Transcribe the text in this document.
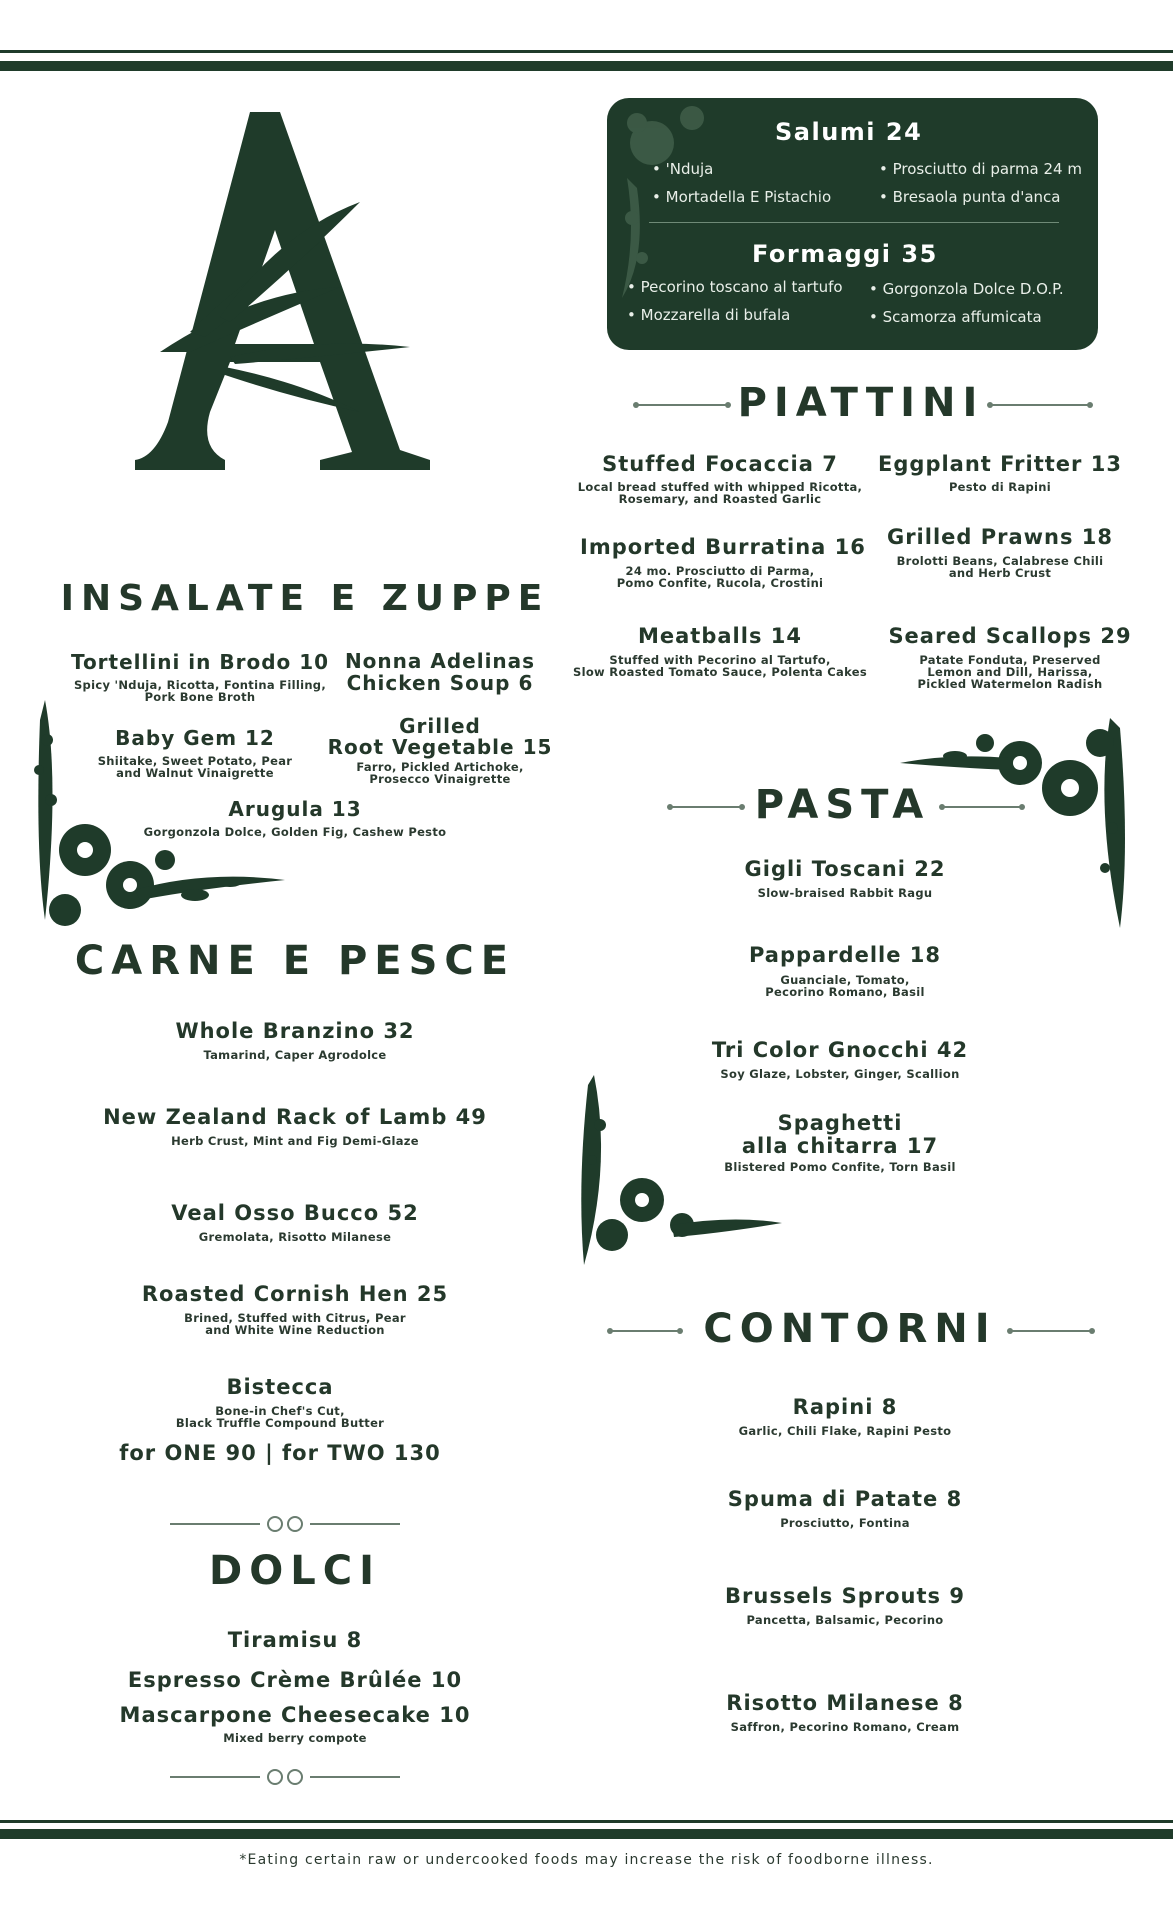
Salumi 24
• 'Nduja
• Mortadella E Pistachio
• Prosciutto di parma 24 m
• Bresaola punta d'anca
Formaggi 35
• Pecorino toscano al tartufo
• Mozzarella di bufala
• Gorgonzola Dolce D.O.P.
• Scamorza affumicata
PIATTINI
Stuffed Focaccia 7
Local bread stuffed with whipped Ricotta,
Rosemary, and Roasted Garlic
Eggplant Fritter 13
Pesto di Rapini
Imported Burratina 16
24 mo. Prosciutto di Parma,
Pomo Confite, Rucola, Crostini
Grilled Prawns 18
Brolotti Beans, Calabrese Chili
and Herb Crust
Meatballs 14
Stuffed with Pecorino al Tartufo,
Slow Roasted Tomato Sauce, Polenta Cakes
Seared Scallops 29
Patate Fonduta, Preserved
Lemon and Dill, Harissa,
Pickled Watermelon Radish
INSALATE E ZUPPE
Tortellini in Brodo 10
Spicy 'Nduja, Ricotta, Fontina Filling,
Pork Bone Broth
Nonna Adelinas
Chicken Soup 6
Baby Gem 12
Shiitake, Sweet Potato, Pear
and Walnut Vinaigrette
Grilled
Root Vegetable 15
Farro, Pickled Artichoke,
Prosecco Vinaigrette
Arugula 13
Gorgonzola Dolce, Golden Fig, Cashew Pesto
PASTA
Gigli Toscani 22
Slow-braised Rabbit Ragu
Pappardelle 18
Guanciale, Tomato,
Pecorino Romano, Basil
Tri Color Gnocchi 42
Soy Glaze, Lobster, Ginger, Scallion
Spaghetti
alla chitarra 17
Blistered Pomo Confite, Torn Basil
CARNE E PESCE
Whole Branzino 32
Tamarind, Caper Agrodolce
New Zealand Rack of Lamb 49
Herb Crust, Mint and Fig Demi-Glaze
Veal Osso Bucco 52
Gremolata, Risotto Milanese
Roasted Cornish Hen 25
Brined, Stuffed with Citrus, Pear
and White Wine Reduction
Bistecca
Bone-in Chef's Cut,
Black Truffle Compound Butter
for ONE 90 | for TWO 130
DOLCI
Tiramisu 8
Espresso Crème Brûlée 10
Mascarpone Cheesecake 10
Mixed berry compote
CONTORNI
Rapini 8
Garlic, Chili Flake, Rapini Pesto
Spuma di Patate 8
Prosciutto, Fontina
Brussels Sprouts 9
Pancetta, Balsamic, Pecorino
Risotto Milanese 8
Saffron, Pecorino Romano, Cream
*Eating certain raw or undercooked foods may increase the risk of foodborne illness.
